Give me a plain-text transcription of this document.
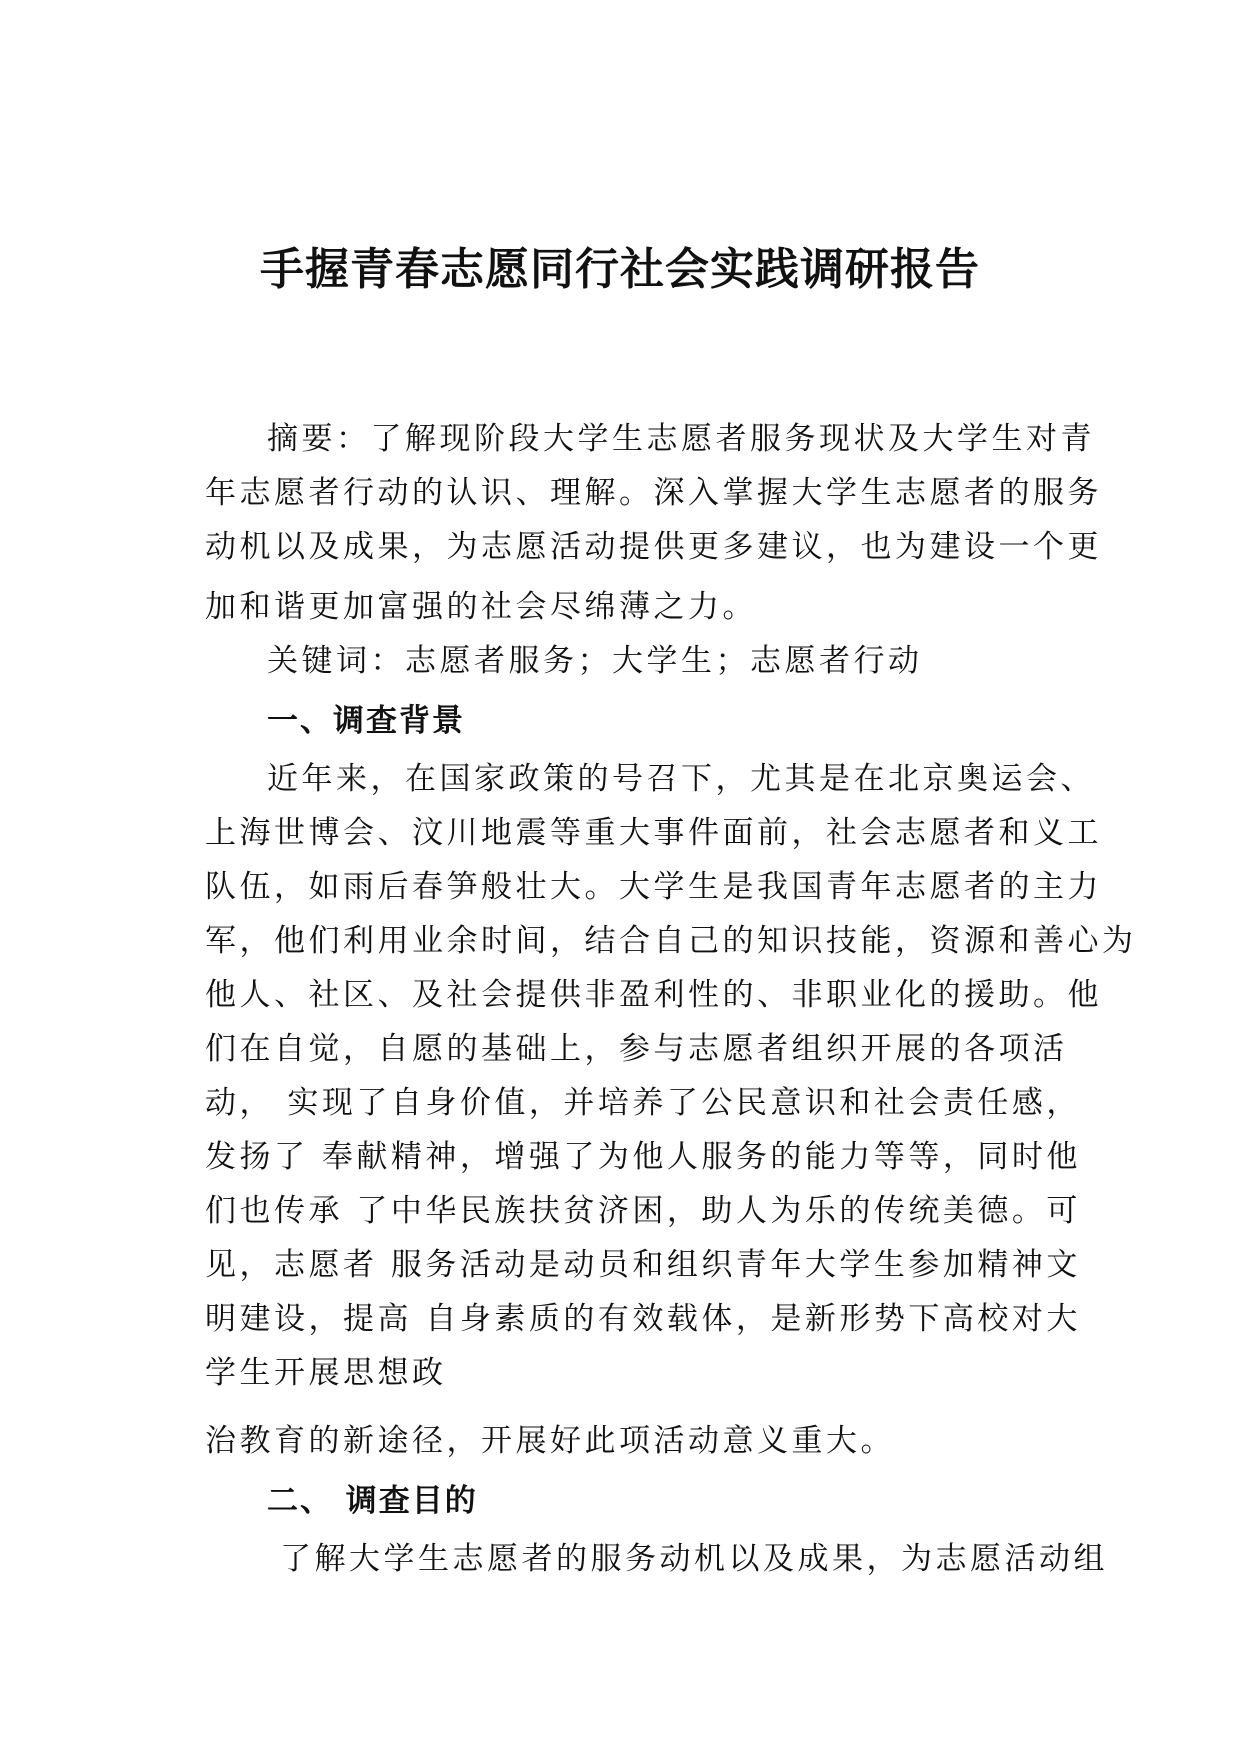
手握青春志愿同行社会实践调研报告
摘要：了解现阶段大学生志愿者服务现状及大学生对青
年志愿者行动的认识、理解。深入掌握大学生志愿者的服务
动机以及成果，为志愿活动提供更多建议，也为建设一个更
加和谐更加富强的社会尽绵薄之力。
关键词：志愿者服务；大学生；志愿者行动
一、调查背景
近年来，在国家政策的号召下，尤其是在北京奥运会、
上海世博会、汶川地震等重大事件面前，社会志愿者和义工
队伍，如雨后春笋般壮大。大学生是我国青年志愿者的主力
军，他们利用业余时间，结合自己的知识技能，资源和善心为
他人、社区、及社会提供非盈利性的、非职业化的援助。他
们在自觉，自愿的基础上，参与志愿者组织开展的各项活
动， 实现了自身价值，并培养了公民意识和社会责任感，
发扬了 奉献精神，增强了为他人服务的能力等等，同时他
们也传承 了中华民族扶贫济困，助人为乐的传统美德。可
见，志愿者 服务活动是动员和组织青年大学生参加精神文
明建设，提高 自身素质的有效载体，是新形势下高校对大
学生开展思想政
治教育的新途径，开展好此项活动意义重大。
二、 调查目的
了解大学生志愿者的服务动机以及成果，为志愿活动组
